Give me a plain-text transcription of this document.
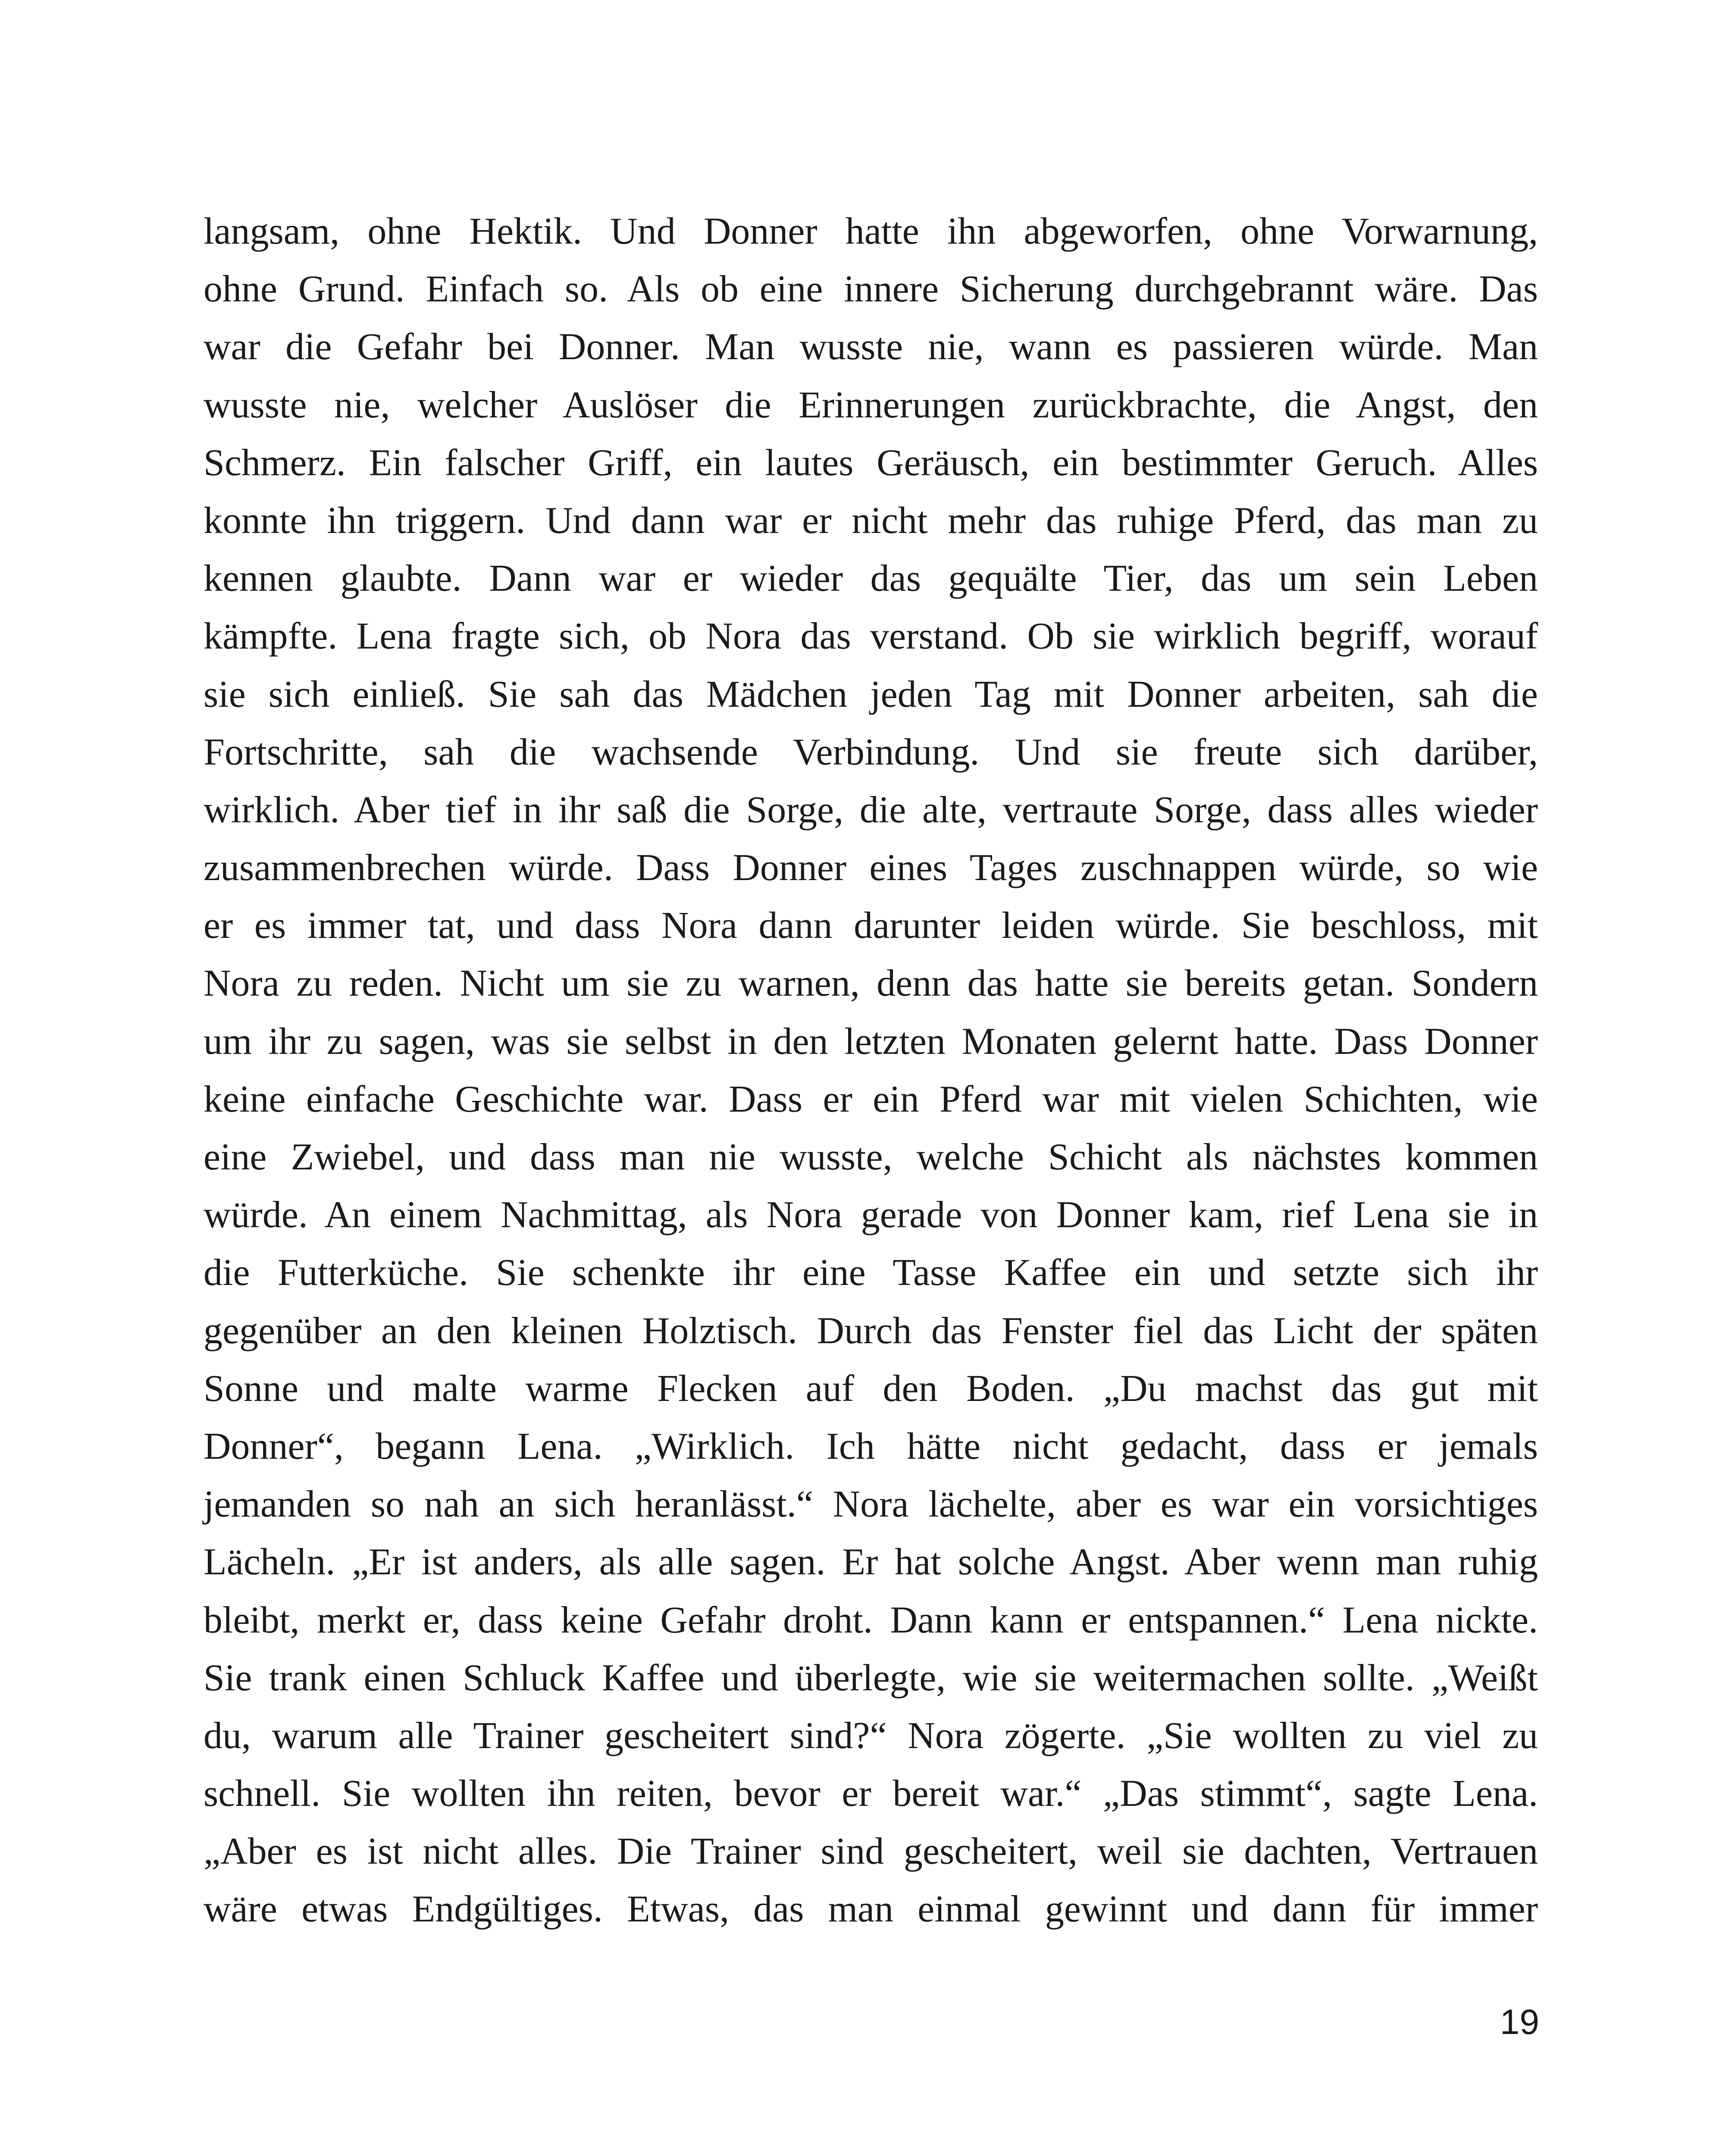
langsam, ohne Hektik. Und Donner hatte ihn abgeworfen, ohne Vorwarnung,
ohne Grund. Einfach so. Als ob eine innere Sicherung durchgebrannt wäre. Das
war die Gefahr bei Donner. Man wusste nie, wann es passieren würde. Man
wusste nie, welcher Auslöser die Erinnerungen zurückbrachte, die Angst, den
Schmerz. Ein falscher Griff, ein lautes Geräusch, ein bestimmter Geruch. Alles
konnte ihn triggern. Und dann war er nicht mehr das ruhige Pferd, das man zu
kennen glaubte. Dann war er wieder das gequälte Tier, das um sein Leben
kämpfte. Lena fragte sich, ob Nora das verstand. Ob sie wirklich begriff, worauf
sie sich einließ. Sie sah das Mädchen jeden Tag mit Donner arbeiten, sah die
Fortschritte, sah die wachsende Verbindung. Und sie freute sich darüber,
wirklich. Aber tief in ihr saß die Sorge, die alte, vertraute Sorge, dass alles wieder
zusammenbrechen würde. Dass Donner eines Tages zuschnappen würde, so wie
er es immer tat, und dass Nora dann darunter leiden würde. Sie beschloss, mit
Nora zu reden. Nicht um sie zu warnen, denn das hatte sie bereits getan. Sondern
um ihr zu sagen, was sie selbst in den letzten Monaten gelernt hatte. Dass Donner
keine einfache Geschichte war. Dass er ein Pferd war mit vielen Schichten, wie
eine Zwiebel, und dass man nie wusste, welche Schicht als nächstes kommen
würde. An einem Nachmittag, als Nora gerade von Donner kam, rief Lena sie in
die Futterküche. Sie schenkte ihr eine Tasse Kaffee ein und setzte sich ihr
gegenüber an den kleinen Holztisch. Durch das Fenster fiel das Licht der späten
Sonne und malte warme Flecken auf den Boden. „Du machst das gut mit
Donner“, begann Lena. „Wirklich. Ich hätte nicht gedacht, dass er jemals
jemanden so nah an sich heranlässt.“ Nora lächelte, aber es war ein vorsichtiges
Lächeln. „Er ist anders, als alle sagen. Er hat solche Angst. Aber wenn man ruhig
bleibt, merkt er, dass keine Gefahr droht. Dann kann er entspannen.“ Lena nickte.
Sie trank einen Schluck Kaffee und überlegte, wie sie weitermachen sollte. „Weißt
du, warum alle Trainer gescheitert sind?“ Nora zögerte. „Sie wollten zu viel zu
schnell. Sie wollten ihn reiten, bevor er bereit war.“ „Das stimmt“, sagte Lena.
„Aber es ist nicht alles. Die Trainer sind gescheitert, weil sie dachten, Vertrauen
wäre etwas Endgültiges. Etwas, das man einmal gewinnt und dann für immer
19
